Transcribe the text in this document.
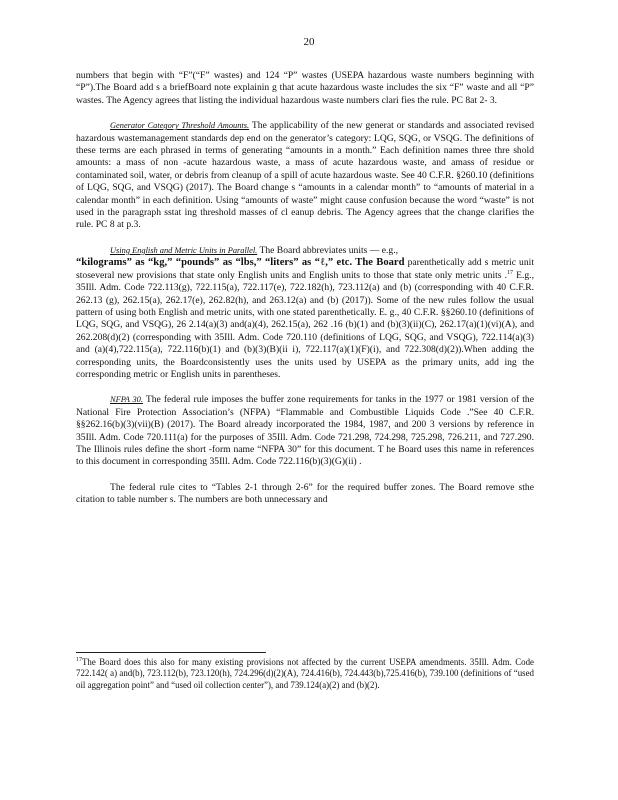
20

numbers that begin with “F”(“F” wastes) and 124 “P” wastes (USEPA hazardous waste numbers beginning with “P”).The Board add s a briefBoard note explainin g that acute hazardous waste includes the six “F” waste and all “P” wastes. The Agency agrees that listing the individual hazardous waste numbers clari fies the rule. PC 8at 2- 3.

Generator Category Threshold Amounts. The applicability of the new generat or standards and associated revised hazardous wastemanagement standards dep end on the generator’s category: LQG, SQG, or VSQG. The definitions of these terms are each phrased in terms of generating “amounts in a month.” Each definition names three thre shold amounts: a mass of non -acute hazardous waste, a mass of acute hazardous waste, and amass of residue or contaminated soil, water, or debris from cleanup of a spill of acute hazardous waste. See 40 C.F.R. §260.10 (definitions of LQG, SQG, and VSQG) (2017). The Board change s “amounts in a calendar month” to “amounts of material in a calendar month” in each definition. Using “amounts of waste” might cause confusion because the word “waste” is not used in the paragraph sstat ing threshold masses of cl eanup debris. The Agency agrees that the change clarifies the rule. PC 8 at p.3.

Using English and Metric Units in Parallel. The Board abbreviates units — e.g.,
“kilograms” as “kg,” “pounds” as “lbs,” “liters” as “ℓ,” etc. The Board parenthetically add s metric unit stoseveral new provisions that state only English units and English units to those that state only metric units .$^{17}$ E.g., 35Ill. Adm. Code 722.113(g), 722.115(a), 722.117(e), 722.182(h), 723.112(a) and (b) (corresponding with 40 C.F.R. 262.13 (g), 262.15(a), 262.17(e), 262.82(h), and 263.12(a) and (b) (2017)). Some of the new rules follow the usual pattern of using both English and metric units, with one stated parenthetically. E. g., 40 C.F.R. §§260.10 (definitions of LQG, SQG, and VSQG), 26 2.14(a)(3) and(a)(4), 262.15(a), 262 .16 (b)(1) and (b)(3)(ii)(C), 262.17(a)(1)(vi)(A), and 262.208(d)(2) (corresponding with 35Ill. Adm. Code 720.110 (definitions of LQG, SQG, and VSQG), 722.114(a)(3) and (a)(4),722.115(a), 722.116(b)(1) and (b)(3)(B)(ii i), 722.117(a)(1)(F)(i), and 722.308(d)(2)).When adding the corresponding units, the Boardconsistently uses the units used by USEPA as the primary units, add ing the corresponding metric or English units in parentheses.

NFPA 30. The federal rule imposes the buffer zone requirements for tanks in the 1977 or 1981 version of the National Fire Protection Association’s (NFPA) “Flammable and Combustible Liquids Code .”See 40 C.F.R. §§262.16(b)(3)(vii)(B) (2017). The Board already incorporated the 1984, 1987, and 200 3 versions by reference in 35Ill. Adm. Code 720.111(a) for the purposes of 35Ill. Adm. Code 721.298, 724.298, 725.298, 726.211, and 727.290. The Illinois rules define the short -form name “NFPA 30” for this document. T he Board uses this name in references to this document in corresponding 35Ill. Adm. Code 722.116(b)(3)(G)(ii) .

The federal rule cites to “Tables 2-1 through 2-6” for the required buffer zones. The Board remove sthe citation to table number s. The numbers are both unnecessary and

$^{17}$The Board does this also for many existing provisions not affected by the current USEPA amendments. 35Ill. Adm. Code 722.142( a) and(b), 723.112(b), 723.120(h), 724.296(d)(2)(A), 724.416(b), 724.443(b),725.416(b), 739.100 (definitions of “used oil aggregation point” and “used oil collection center”), and 739.124(a)(2) and (b)(2).
